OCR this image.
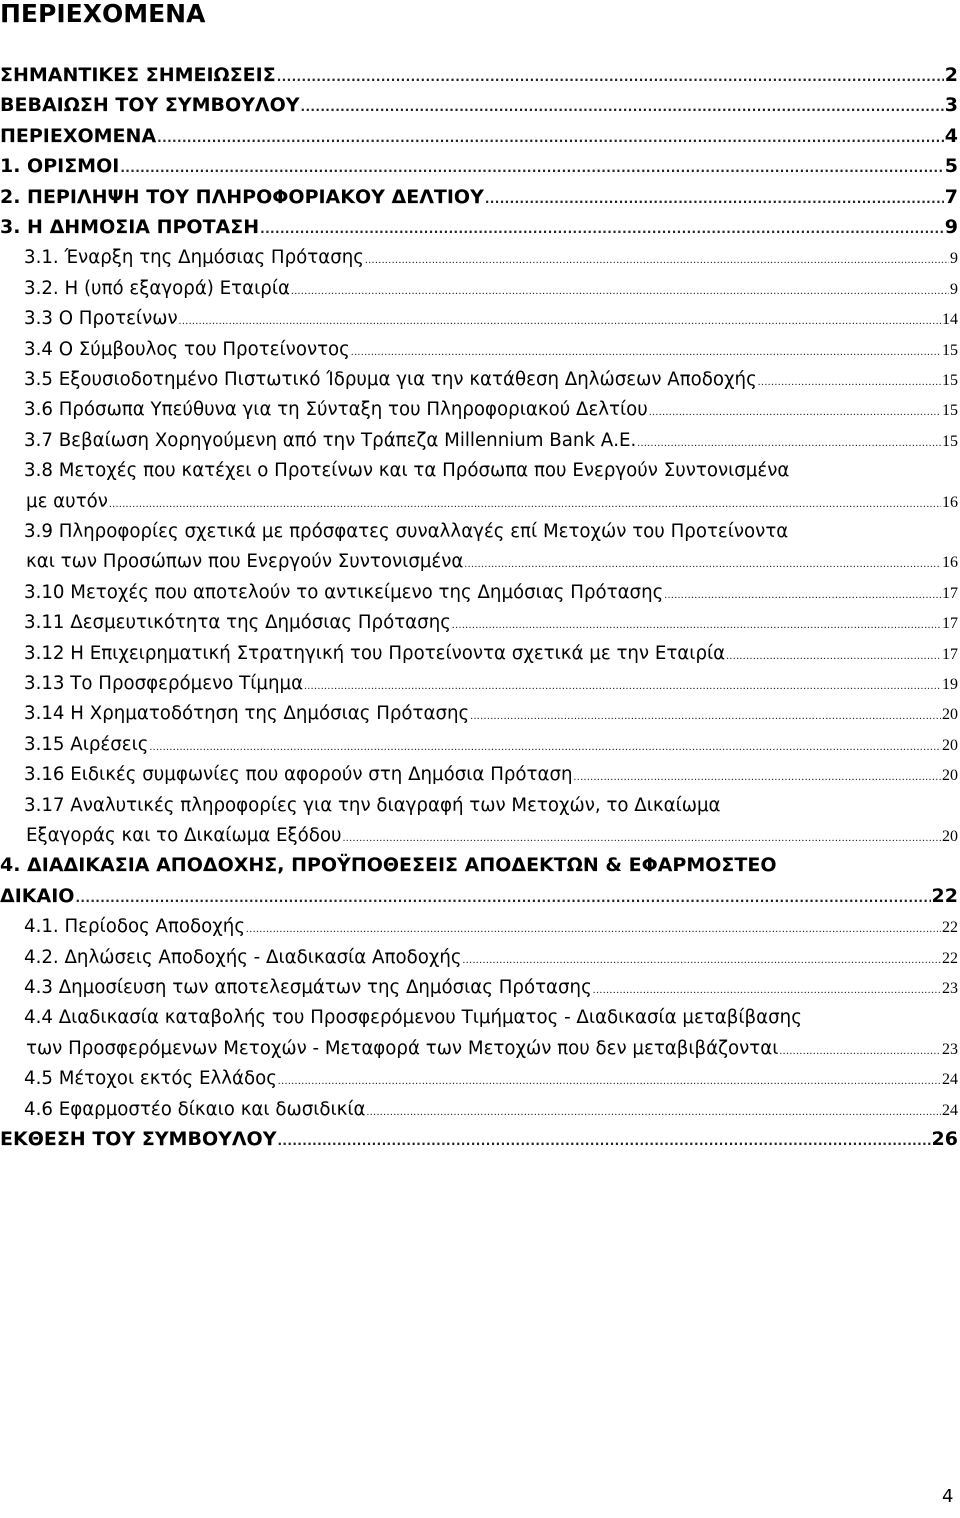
ΠΕΡΙΕΧΟΜΕΝΑ
ΣΗΜΑΝΤΙΚΕΣ ΣΗΜΕΙΩΣΕΙΣ .....	2
ΒΕΒΑΙΩΣΗ ΤΟΥ ΣΥΜΒΟΥΛΟΥ .....	3
ΠΕΡΙΕΧΟΜΕΝΑ .....	4
1. ΟΡΙΣΜΟΙ .....	5
2. ΠΕΡΙΛΗΨΗ ΤΟΥ ΠΛΗΡΟΦΟΡΙΑΚΟΥ ΔΕΛΤΙΟΥ .....	7
3. Η ΔΗΜΟΣΙΑ ΠΡΟΤΑΣΗ .....	9
3.1. Έναρξη της Δημόσιας Πρότασης .....	9
3.2. Η (υπό εξαγορά) Εταιρία .....	9
3.3 Ο Προτείνων .....	14
3.4 Ο Σύμβουλος του Προτείνοντος .....	15
3.5 Εξουσιοδοτημένο Πιστωτικό Ίδρυμα για την κατάθεση Δηλώσεων Αποδοχής .....	15
3.6 Πρόσωπα Υπεύθυνα για τη Σύνταξη του Πληροφοριακού Δελτίου .....	15
3.7 Βεβαίωση Χορηγούμενη από την Τράπεζα Millennium Bank Α.Ε. .....	15
3.8 Μετοχές που κατέχει ο Προτείνων και τα Πρόσωπα που Ενεργούν Συντονισμένα
με αυτόν .....	16
3.9 Πληροφορίες σχετικά με πρόσφατες συναλλαγές επί Μετοχών του Προτείνοντα
και των Προσώπων που Ενεργούν Συντονισμένα .....	16
3.10 Μετοχές που αποτελούν το αντικείμενο της Δημόσιας Πρότασης .....	17
3.11 Δεσμευτικότητα της Δημόσιας Πρότασης .....	17
3.12 Η Επιχειρηματική Στρατηγική του Προτείνοντα σχετικά με την Εταιρία .....	17
3.13 Το Προσφερόμενο Τίμημα .....	19
3.14 Η Χρηματοδότηση της Δημόσιας Πρότασης .....	20
3.15 Αιρέσεις .....	20
3.16 Ειδικές συμφωνίες που αφορούν στη Δημόσια Πρόταση .....	20
3.17 Αναλυτικές πληροφορίες για την διαγραφή των Μετοχών, το Δικαίωμα
Εξαγοράς και το Δικαίωμα Εξόδου .....	20
4. ΔΙΑΔΙΚΑΣΙΑ ΑΠΟΔΟΧΗΣ, ΠΡΟΫΠΟΘΕΣΕΙΣ ΑΠΟΔΕΚΤΩΝ & ΕΦΑΡΜΟΣΤΕΟ
ΔΙΚΑΙΟ .....	22
4.1. Περίοδος Αποδοχής .....	22
4.2. Δηλώσεις Αποδοχής - Διαδικασία Αποδοχής .....	22
4.3 Δημοσίευση των αποτελεσμάτων της Δημόσιας Πρότασης .....	23
4.4 Διαδικασία καταβολής του Προσφερόμενου Τιμήματος - Διαδικασία μεταβίβασης
των Προσφερόμενων Μετοχών - Μεταφορά των Μετοχών που δεν μεταβιβάζονται .....	23
4.5 Μέτοχοι εκτός Ελλάδος .....	24
4.6 Εφαρμοστέο δίκαιο και δωσιδικία .....	24
ΕΚΘΕΣΗ ΤΟΥ ΣΥΜΒΟΥΛΟΥ .....	26
4
